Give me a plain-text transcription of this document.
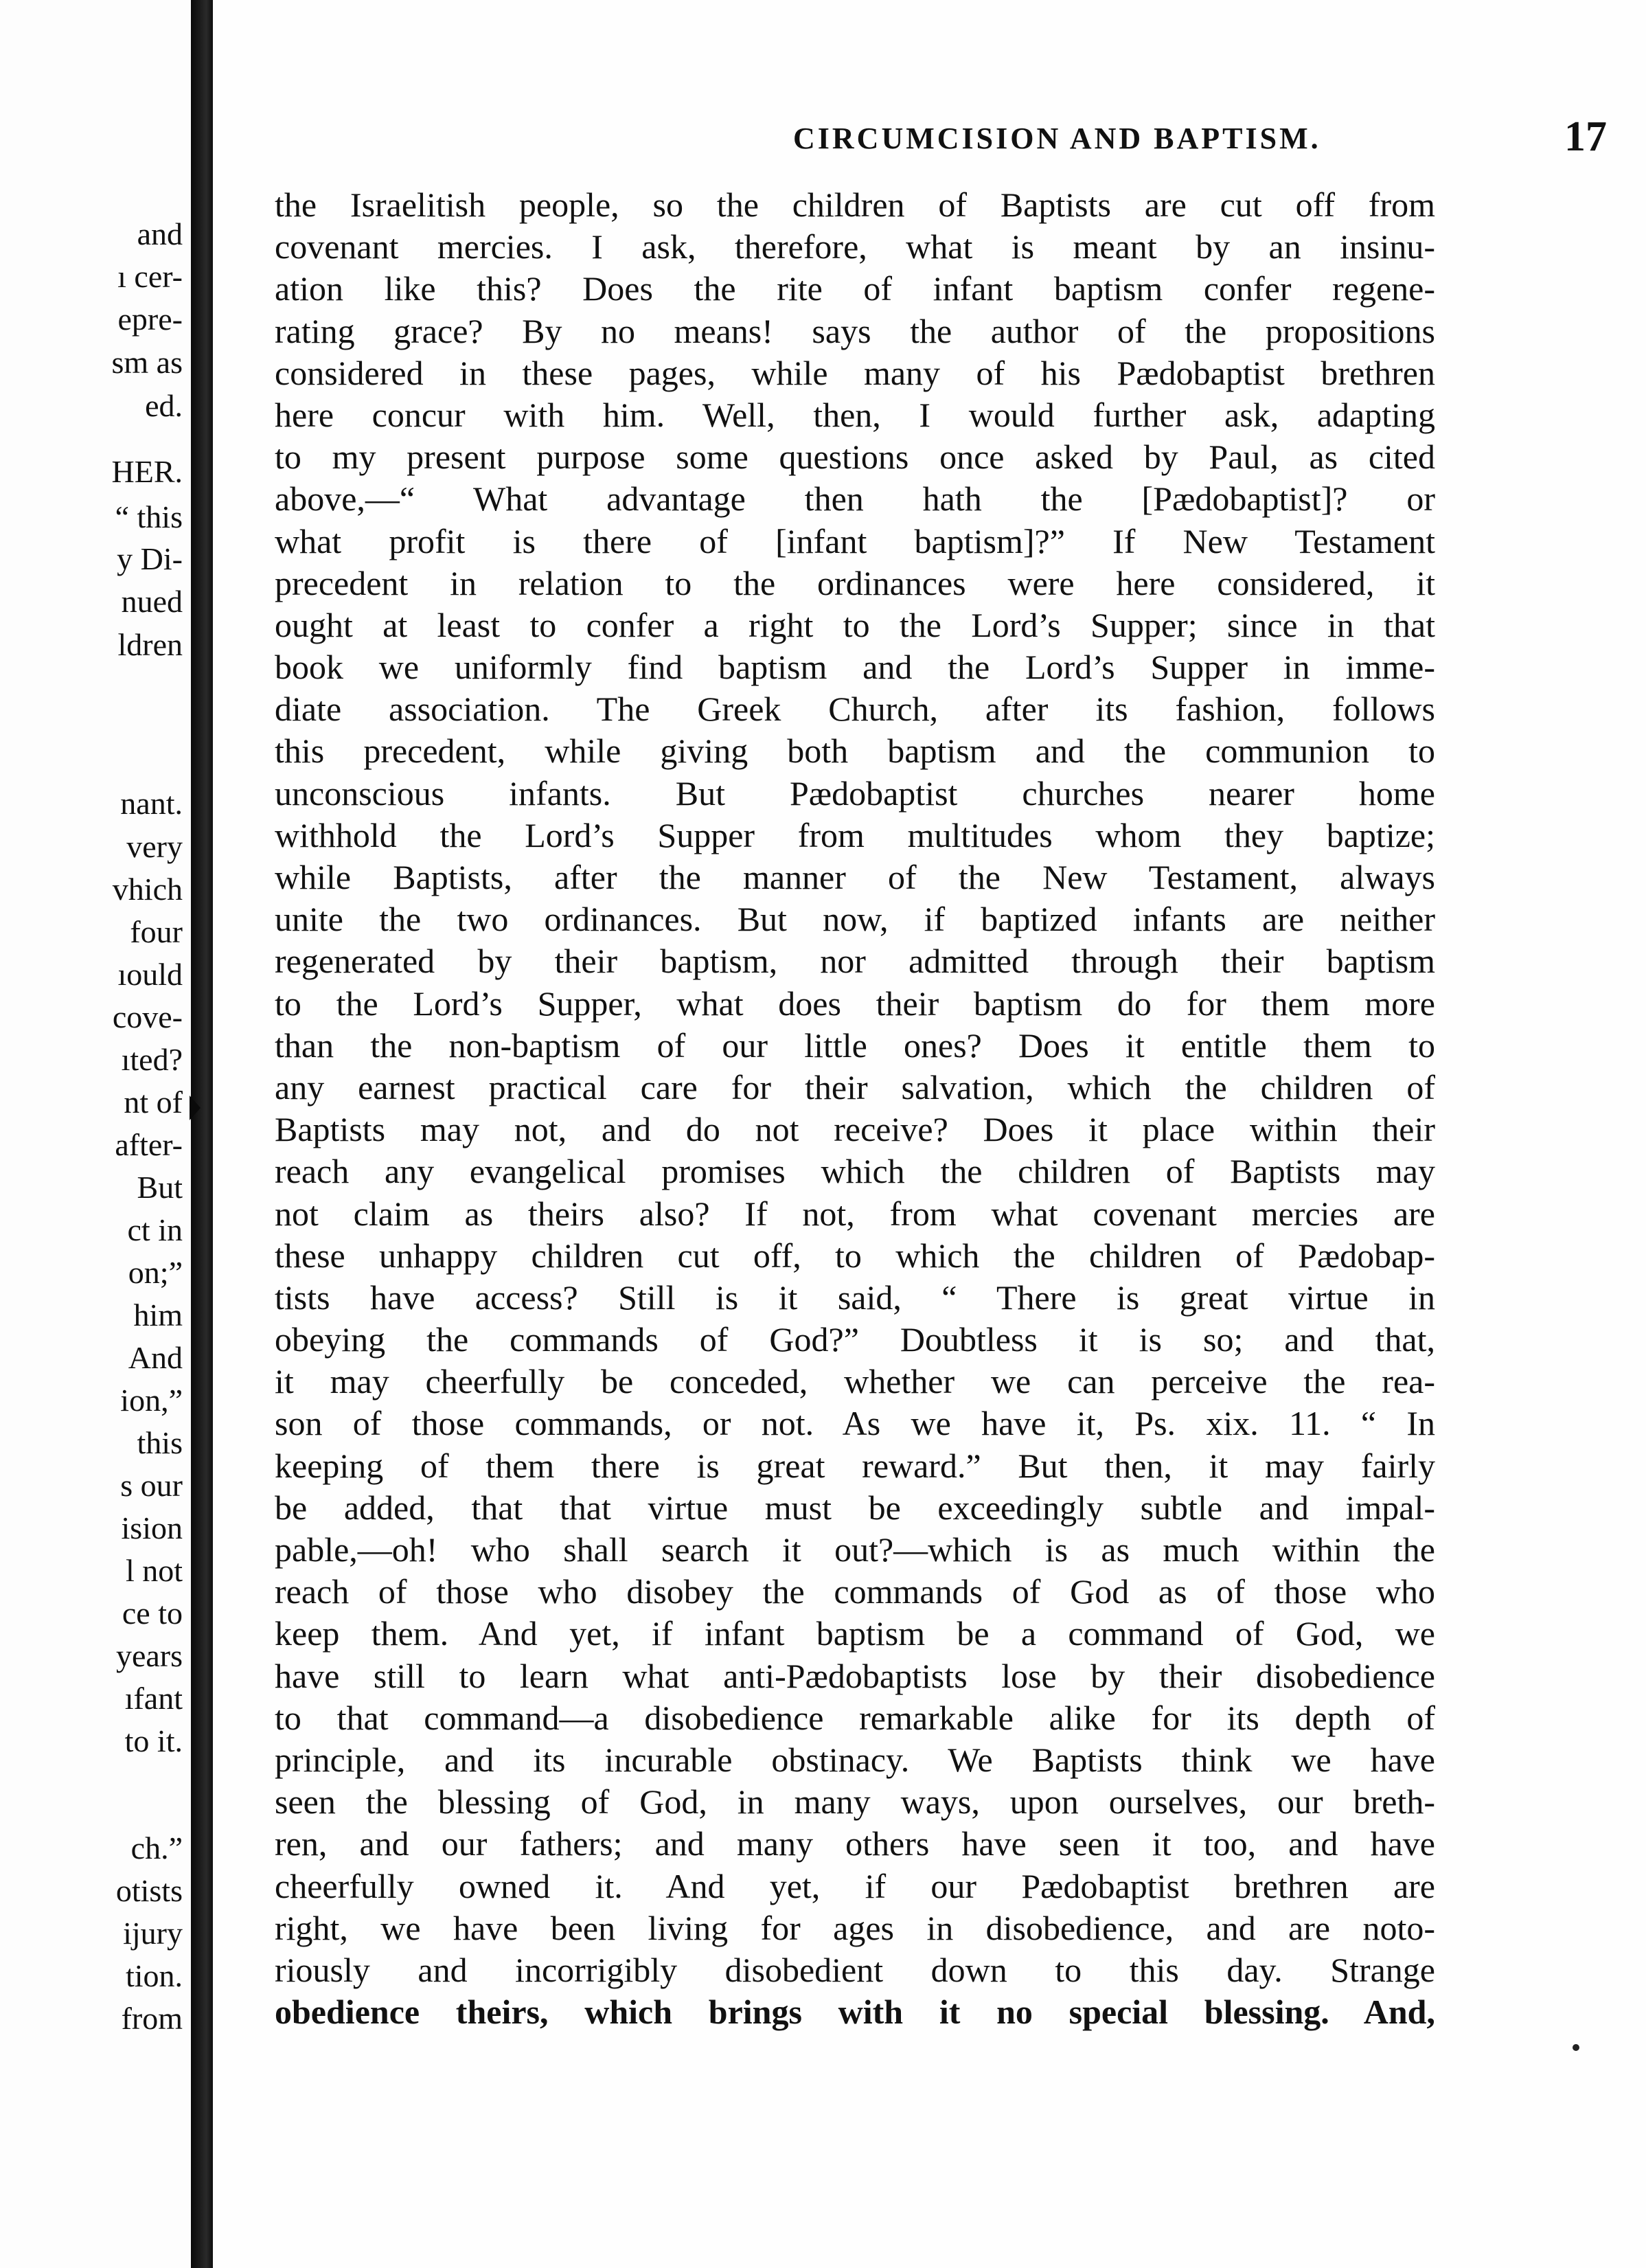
and
ı cer-
epre-
sm as
ed.
HER.
“ this
y Di-
nued
ldren
nant.
very
vhich
four
ıould
cove-
ıted?
nt of
after-
But
ct in
on;”
him
And
ion,”
this
s our
ision
l not
ce to
years
ıfant
to it.
ch.”
otists
ijury
tion.
from
CIRCUMCISION AND BAPTISM.	17
the Israelitish people, so the children of Baptists are cut off from
covenant mercies. I ask, therefore, what is meant by an insinu-
ation like this? Does the rite of infant baptism confer regene-
rating grace? By no means! says the author of the propositions
considered in these pages, while many of his Pædobaptist brethren
here concur with him. Well, then, I would further ask, adapting
to my present purpose some questions once asked by Paul, as cited
above,—“ What advantage then hath the [Pædobaptist]? or
what profit is there of [infant baptism]?” If New Testament
precedent in relation to the ordinances were here considered, it
ought at least to confer a right to the Lord’s Supper; since in that
book we uniformly find baptism and the Lord’s Supper in imme-
diate association. The Greek Church, after its fashion, follows
this precedent, while giving both baptism and the communion to
unconscious infants. But Pædobaptist churches nearer home
withhold the Lord’s Supper from multitudes whom they baptize;
while Baptists, after the manner of the New Testament, always
unite the two ordinances. But now, if baptized infants are neither
regenerated by their baptism, nor admitted through their baptism
to the Lord’s Supper, what does their baptism do for them more
than the non-baptism of our little ones? Does it entitle them to
any earnest practical care for their salvation, which the children of
Baptists may not, and do not receive? Does it place within their
reach any evangelical promises which the children of Baptists may
not claim as theirs also? If not, from what covenant mercies are
these unhappy children cut off, to which the children of Pædobap-
tists have access? Still is it said, “ There is great virtue in
obeying the commands of God?” Doubtless it is so; and that,
it may cheerfully be conceded, whether we can perceive the rea-
son of those commands, or not. As we have it, Ps. xix. 11. “ In
keeping of them there is great reward.” But then, it may fairly
be added, that that virtue must be exceedingly subtle and impal-
pable,—oh! who shall search it out?—which is as much within the
reach of those who disobey the commands of God as of those who
keep them. And yet, if infant baptism be a command of God, we
have still to learn what anti-Pædobaptists lose by their disobedience
to that command—a disobedience remarkable alike for its depth of
principle, and its incurable obstinacy. We Baptists think we have
seen the blessing of God, in many ways, upon ourselves, our breth-
ren, and our fathers; and many others have seen it too, and have
cheerfully owned it. And yet, if our Pædobaptist brethren are
right, we have been living for ages in disobedience, and are noto-
riously and incorrigibly disobedient down to this day. Strange
obedience theirs, which brings with it no special blessing. And,
